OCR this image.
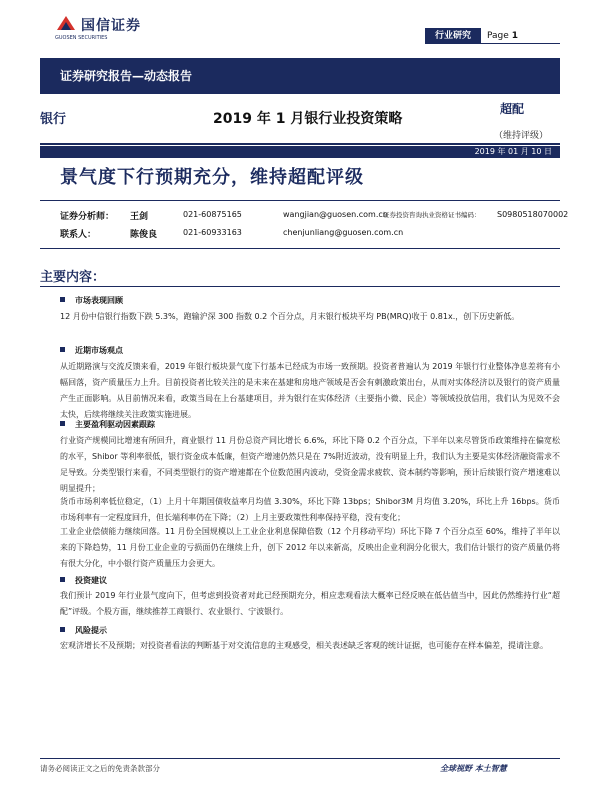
国信证券
GUOSEN SECURITIES	行业研究	Page 1
证券研究报告—动态报告
银行	2019 年 1 月银行业投资策略
超配
（维持评级）
2019 年 01 月 10 日
景气度下行预期充分，维持超配评级
证券分析师： 王剑	021-60875165	wangjian@guosen.com.cn
证券投资咨询执业资格证书编码： S0980518070002
联系人：	陈俊良	021-60933163	chenjunliang@guosen.com.cn
主要内容：
市场表现回顾
12 月份中信银行指数下跌 5.3%，跑输沪深 300 指数 0.2 个百分点，月末银行板块平均 PB(MRQ)收于 0.81x.，创下历史新低。
近期市场观点
从近期路演与交流反馈来看，2019 年银行板块景气度下行基本已经成为市场一致预期。投资者普遍认为 2019 年银行行业整体净息差将有小幅回落，资产质量压力上升。目前投资者比较关注的是未来在基建和房地产领域是否会有刺激政策出台，从而对实体经济以及银行的资产质量产生正面影响。从目前情况来看，政策当局在上台基建项目，并为银行在实体经济（主要指小微、民企）等领域投放信用，我们认为见效不会太快，后续将继续关注政策实施进展。
主要盈利驱动因素跟踪
行业资产规模同比增速有所回升，商业银行 11 月份总资产同比增长 6.6%，环比下降 0.2 个百分点，下半年以来尽管货币政策维持在偏宽松的水平，Shibor 等利率很低，银行资金成本低廉，但资产增速仍然只是在 7%附近波动，没有明显上升，我们认为主要是实体经济融资需求不足导致。分类型银行来看，不同类型银行的资产增速都在个位数范围内波动，受资金需求疲软、资本制约等影响，预计后续银行资产增速难以明显提升；
货币市场利率低位稳定，（1）上月十年期国债收益率月均值 3.30%，环比下降 13bps；Shibor3M 月均值 3.20%，环比上升 16bps。货币市场利率有一定程度回升，但长端利率仍在下降；（2）上月主要政策性利率保持平稳，没有变化；
工业企业偿债能力继续回落。11 月份全国规模以上工业企业利息保障倍数（12 个月移动平均）环比下降 7 个百分点至 60%，维持了半年以来的下降趋势，11 月份工业企业的亏损面仍在继续上升，创下 2012 年以来新高，反映出企业利润分化很大，我们估计银行的资产质量仍将有很大分化，中小银行资产质量压力会更大。
投资建议
我们预计 2019 年行业景气度向下，但考虑到投资者对此已经预期充分，相应悲观看法大概率已经反映在低估值当中，因此仍然维持行业“超配”评级。个股方面，继续推荐工商银行、农业银行、宁波银行。
风险提示
宏观济增长不及预期；对投资者看法的判断基于对交流信息的主观感受，相关表述缺乏客观的统计证据，也可能存在样本偏差，提请注意。
请务必阅读正文之后的免责条款部分	全球视野 本土智慧
